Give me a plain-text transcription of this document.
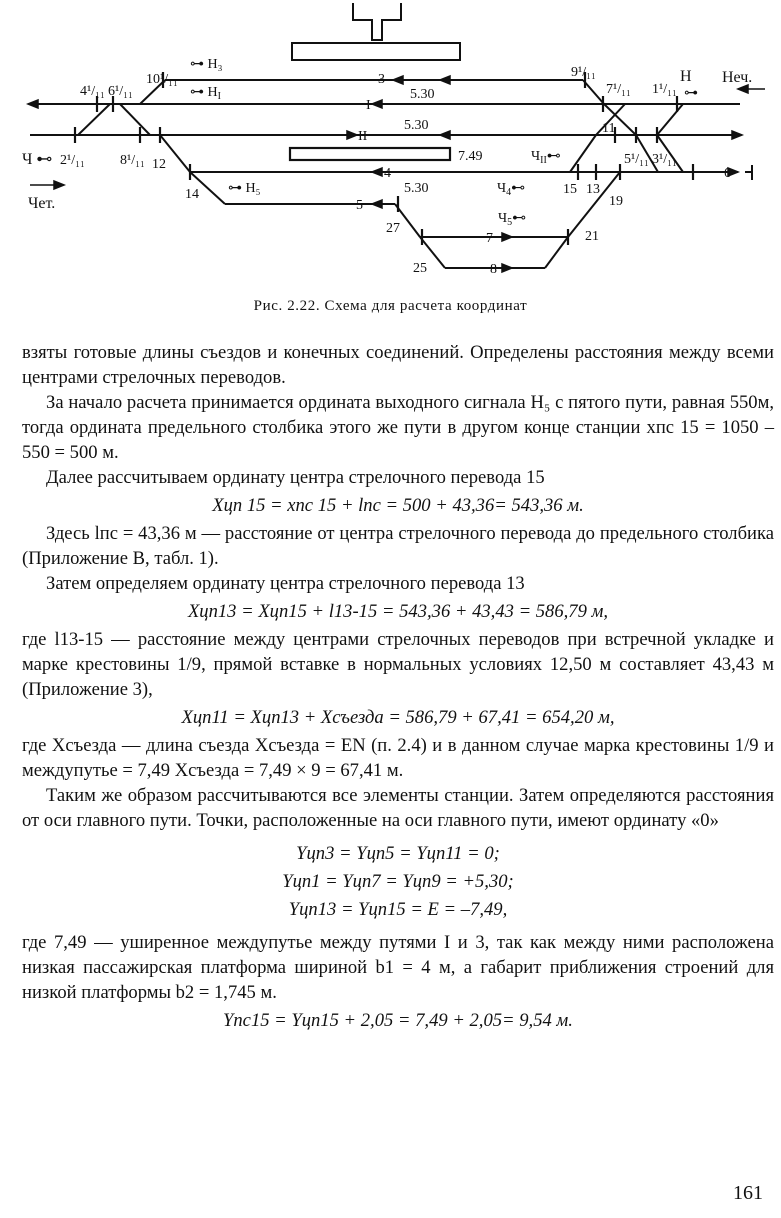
4¹/₁₁ 6¹/₁₁
10¹/₁₁	9¹/₁₁
7¹/₁₁ 1¹/₁₁
2¹/₁₁	8¹/₁₁ 12
14
11
5¹/₁₁ 3¹/₁₁
15 13
19
27
21
25
3
I
II
4
5
6
7
8
5.30
5.30
5.30
7.49
⊶ Н₃
⊶ $Н_I$
⊶ Н₅
Н
⊶
Ч ⊷	$Ч_{II}⊷$
$Ч_4⊷$
$Ч_5⊷$
Чет.
Неч.
Рис. 2.22. Схема для расчета координат

взяты готовые длины съездов и конечных соединений. Определены расстояния между всеми центрами стрелочных переводов.

За начало расчета принимается ордината выходного сигнала Н₅ с пятого пути, равная 550м, тогда ордината предельного столбика этого же пути в другом конце станции xпс 15 = 1050 – 550 = 500 м.

Далее рассчитываем ординату центра стрелочного перевода 15

Xцп 15 = xпс 15 + lпс = 500 + 43,36= 543,36 м.

Здесь lпс = 43,36 м — расстояние от центра стрелочного перевода до предельного столбика (Приложение В, табл. 1).

Затем определяем ординату центра стрелочного перевода 13

Xцп13 = Xцп15 + l13-15 = 543,36 + 43,43 = 586,79 м,

где l13-15 — расстояние между центрами стрелочных переводов при встречной укладке и марке крестовины 1/9, прямой вставке в нормальных условиях 12,50 м составляет 43,43 м (Приложение 3),

Xцп11 = Xцп13 + Xсъезда = 586,79 + 67,41 = 654,20 м,

где Xсъезда — длина съезда Xсъезда = EN (п. 2.4) и в данном случае марка крестовины 1/9 и междупутье = 7,49 Xсъезда = 7,49 × 9 = 67,41 м.

Таким же образом рассчитываются все элементы станции. Затем определяются расстояния от оси главного пути. Точки, расположенные на оси главного пути, имеют ординату «0»

Yцп3 = Yцп5 = Yцп11 = 0;
Yцп1 = Yцп7 = Yцп9 = +5,30;
Yцп13 = Yцп15 = E = –7,49,

где 7,49 — уширенное междупутье между путями I и 3, так как между ними расположена низкая пассажирская платформа шириной b1 = 4 м, а габарит приближения строений для низкой платформы b2 = 1,745 м.

Yпс15 = Yцп15 + 2,05 = 7,49 + 2,05= 9,54 м.
161
